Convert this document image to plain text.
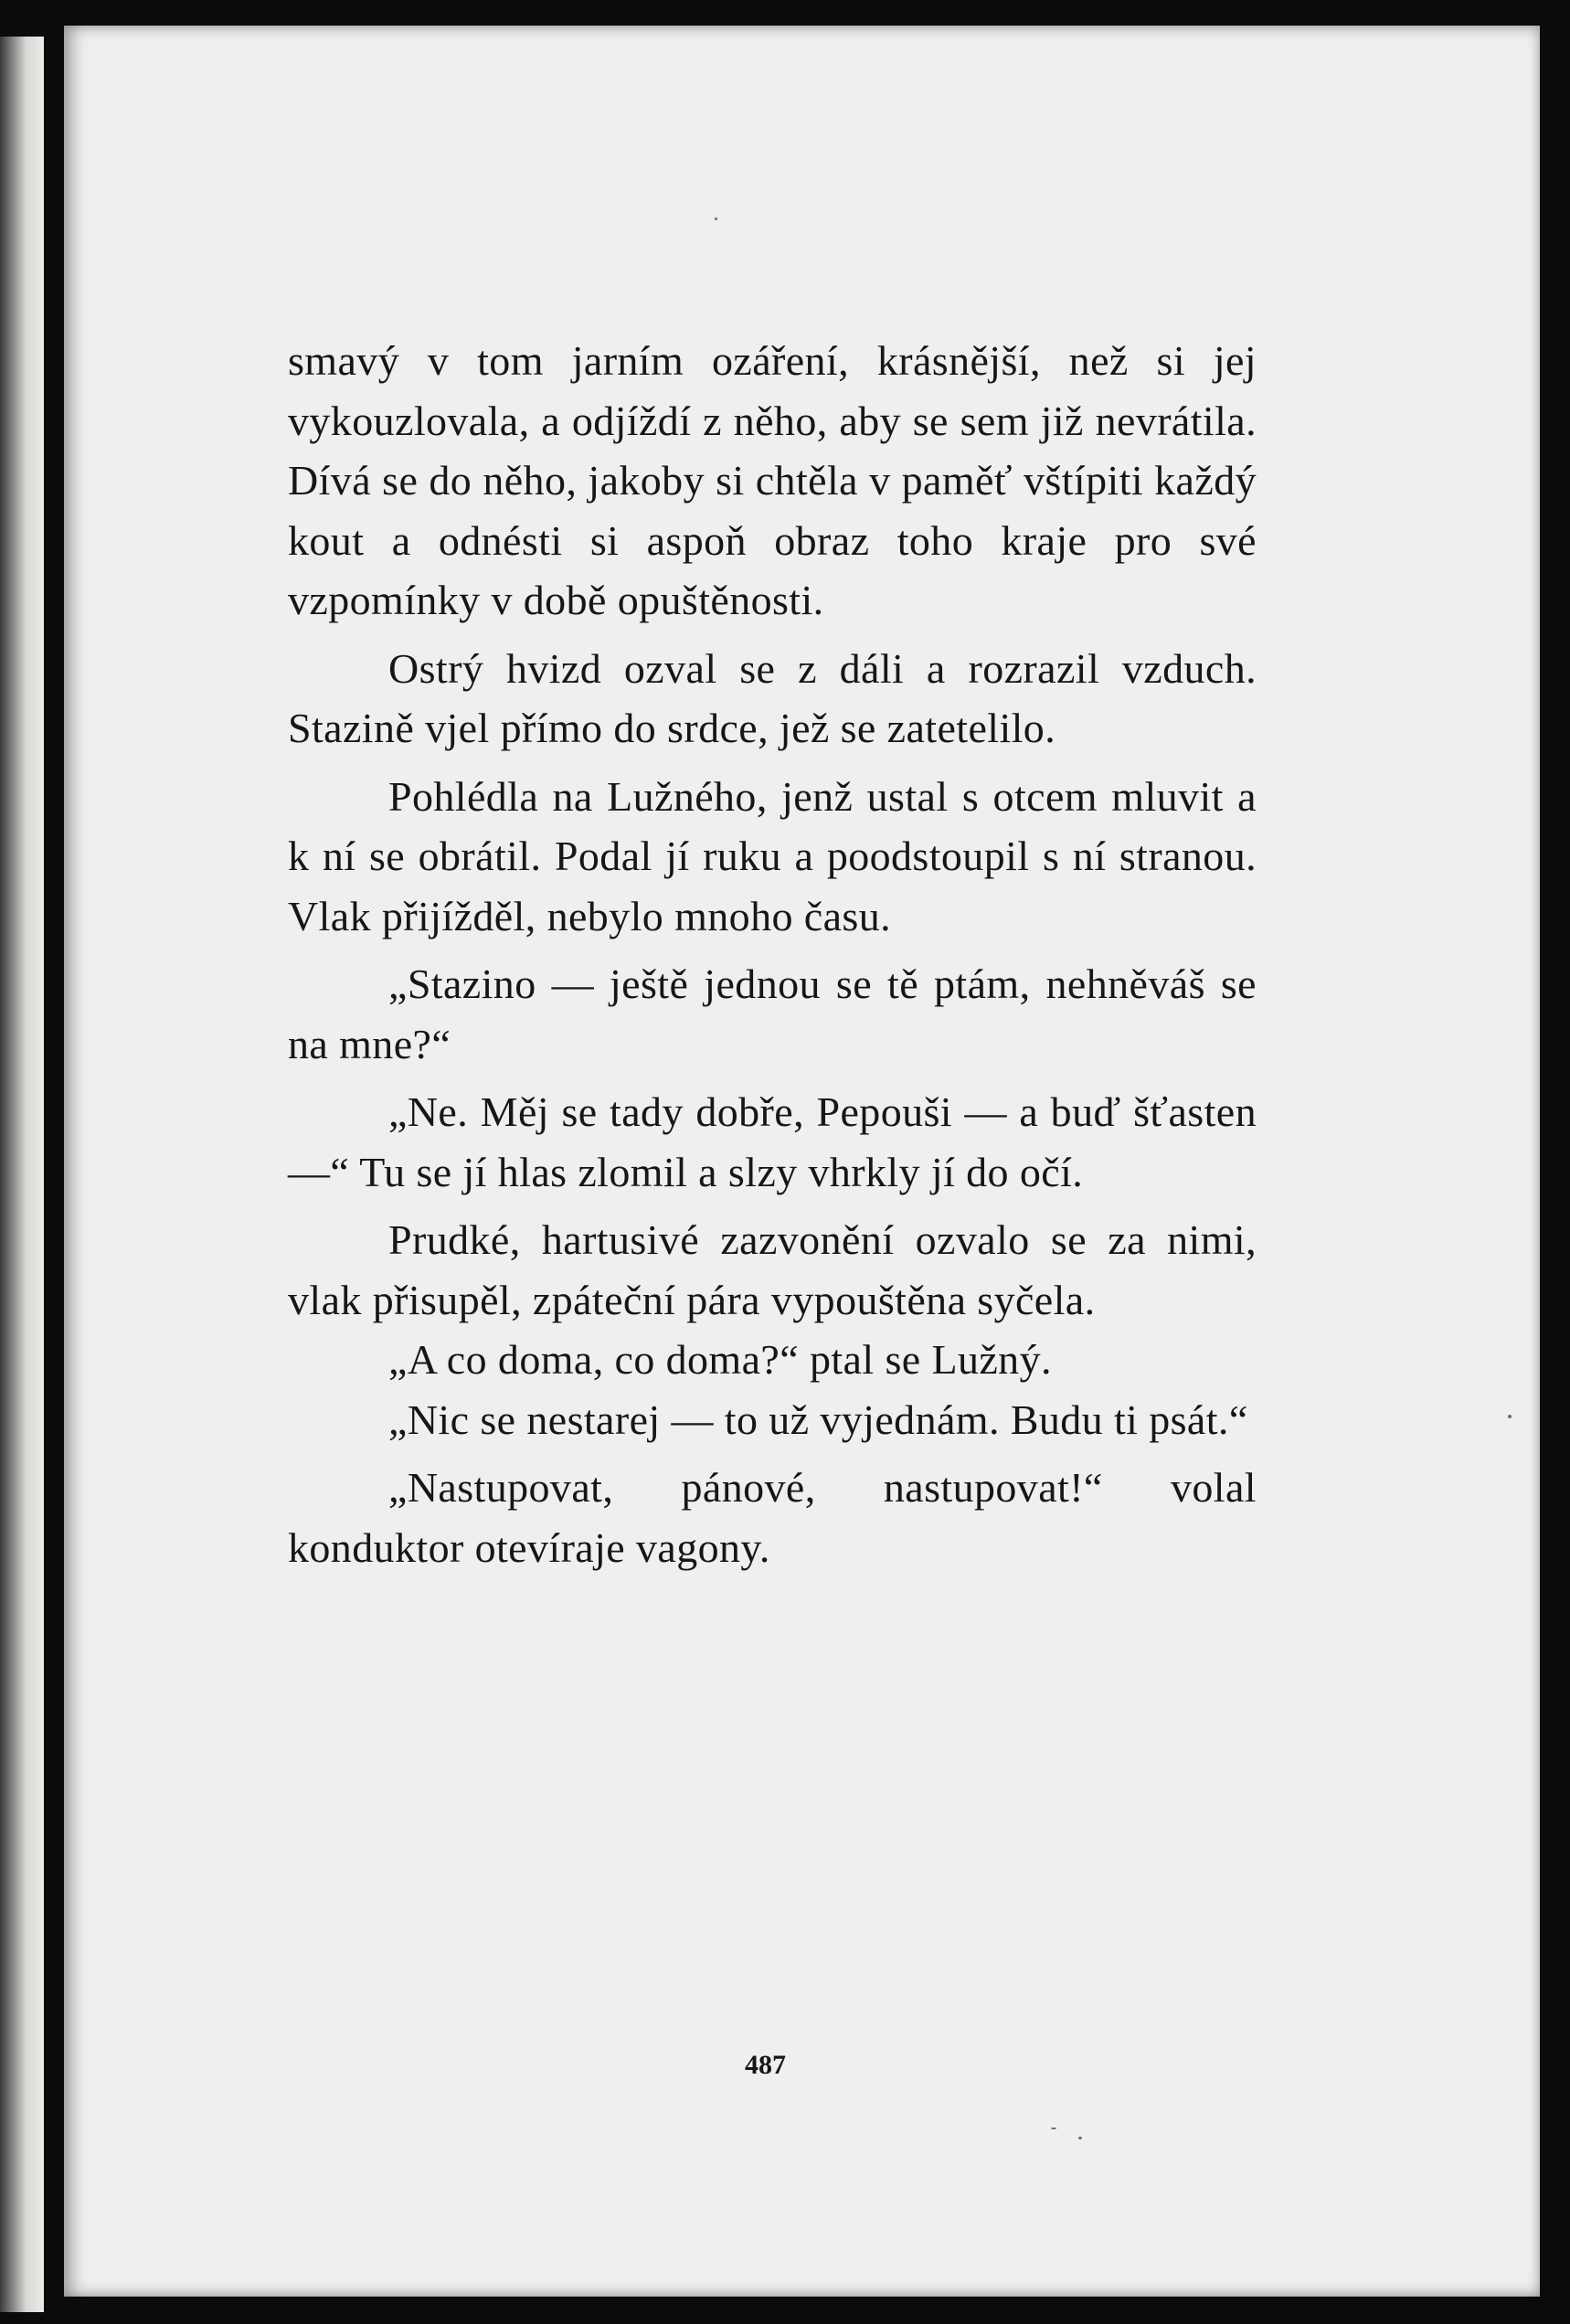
smavý v tom jarním ozáření, krásnější, než si jej vykouzlovala, a odjíždí z něho, aby se sem již nevrátila. Dívá se do něho, jakoby si chtěla v paměť vštípiti každý kout a odnésti si aspoň obraz toho kraje pro své vzpomínky v době opuštěnosti.

Ostrý hvizd ozval se z dáli a rozrazil vzduch. Stazině vjel přímo do srdce, jež se zatetelilo.

Pohlédla na Lužného, jenž ustal s otcem mluvit a k ní se obrátil. Podal jí ruku a poodstoupil s ní stranou. Vlak přijížděl, nebylo mnoho času.

„Stazino — ještě jednou se tě ptám, nehněváš se na mne?“

„Ne. Měj se tady dobře, Pepouši — a buď šťasten —“ Tu se jí hlas zlomil a slzy vhrkly jí do očí.

Prudké, hartusivé zazvonění ozvalo se za nimi, vlak přisupěl, zpáteční pára vypouštěna syčela.

„A co doma, co doma?“ ptal se Lužný.

„Nic se nestarej — to už vyjednám. Budu ti psát.“

„Nastupovat, pánové, nastupovat!“ volal konduktor otevíraje vagony.

487
